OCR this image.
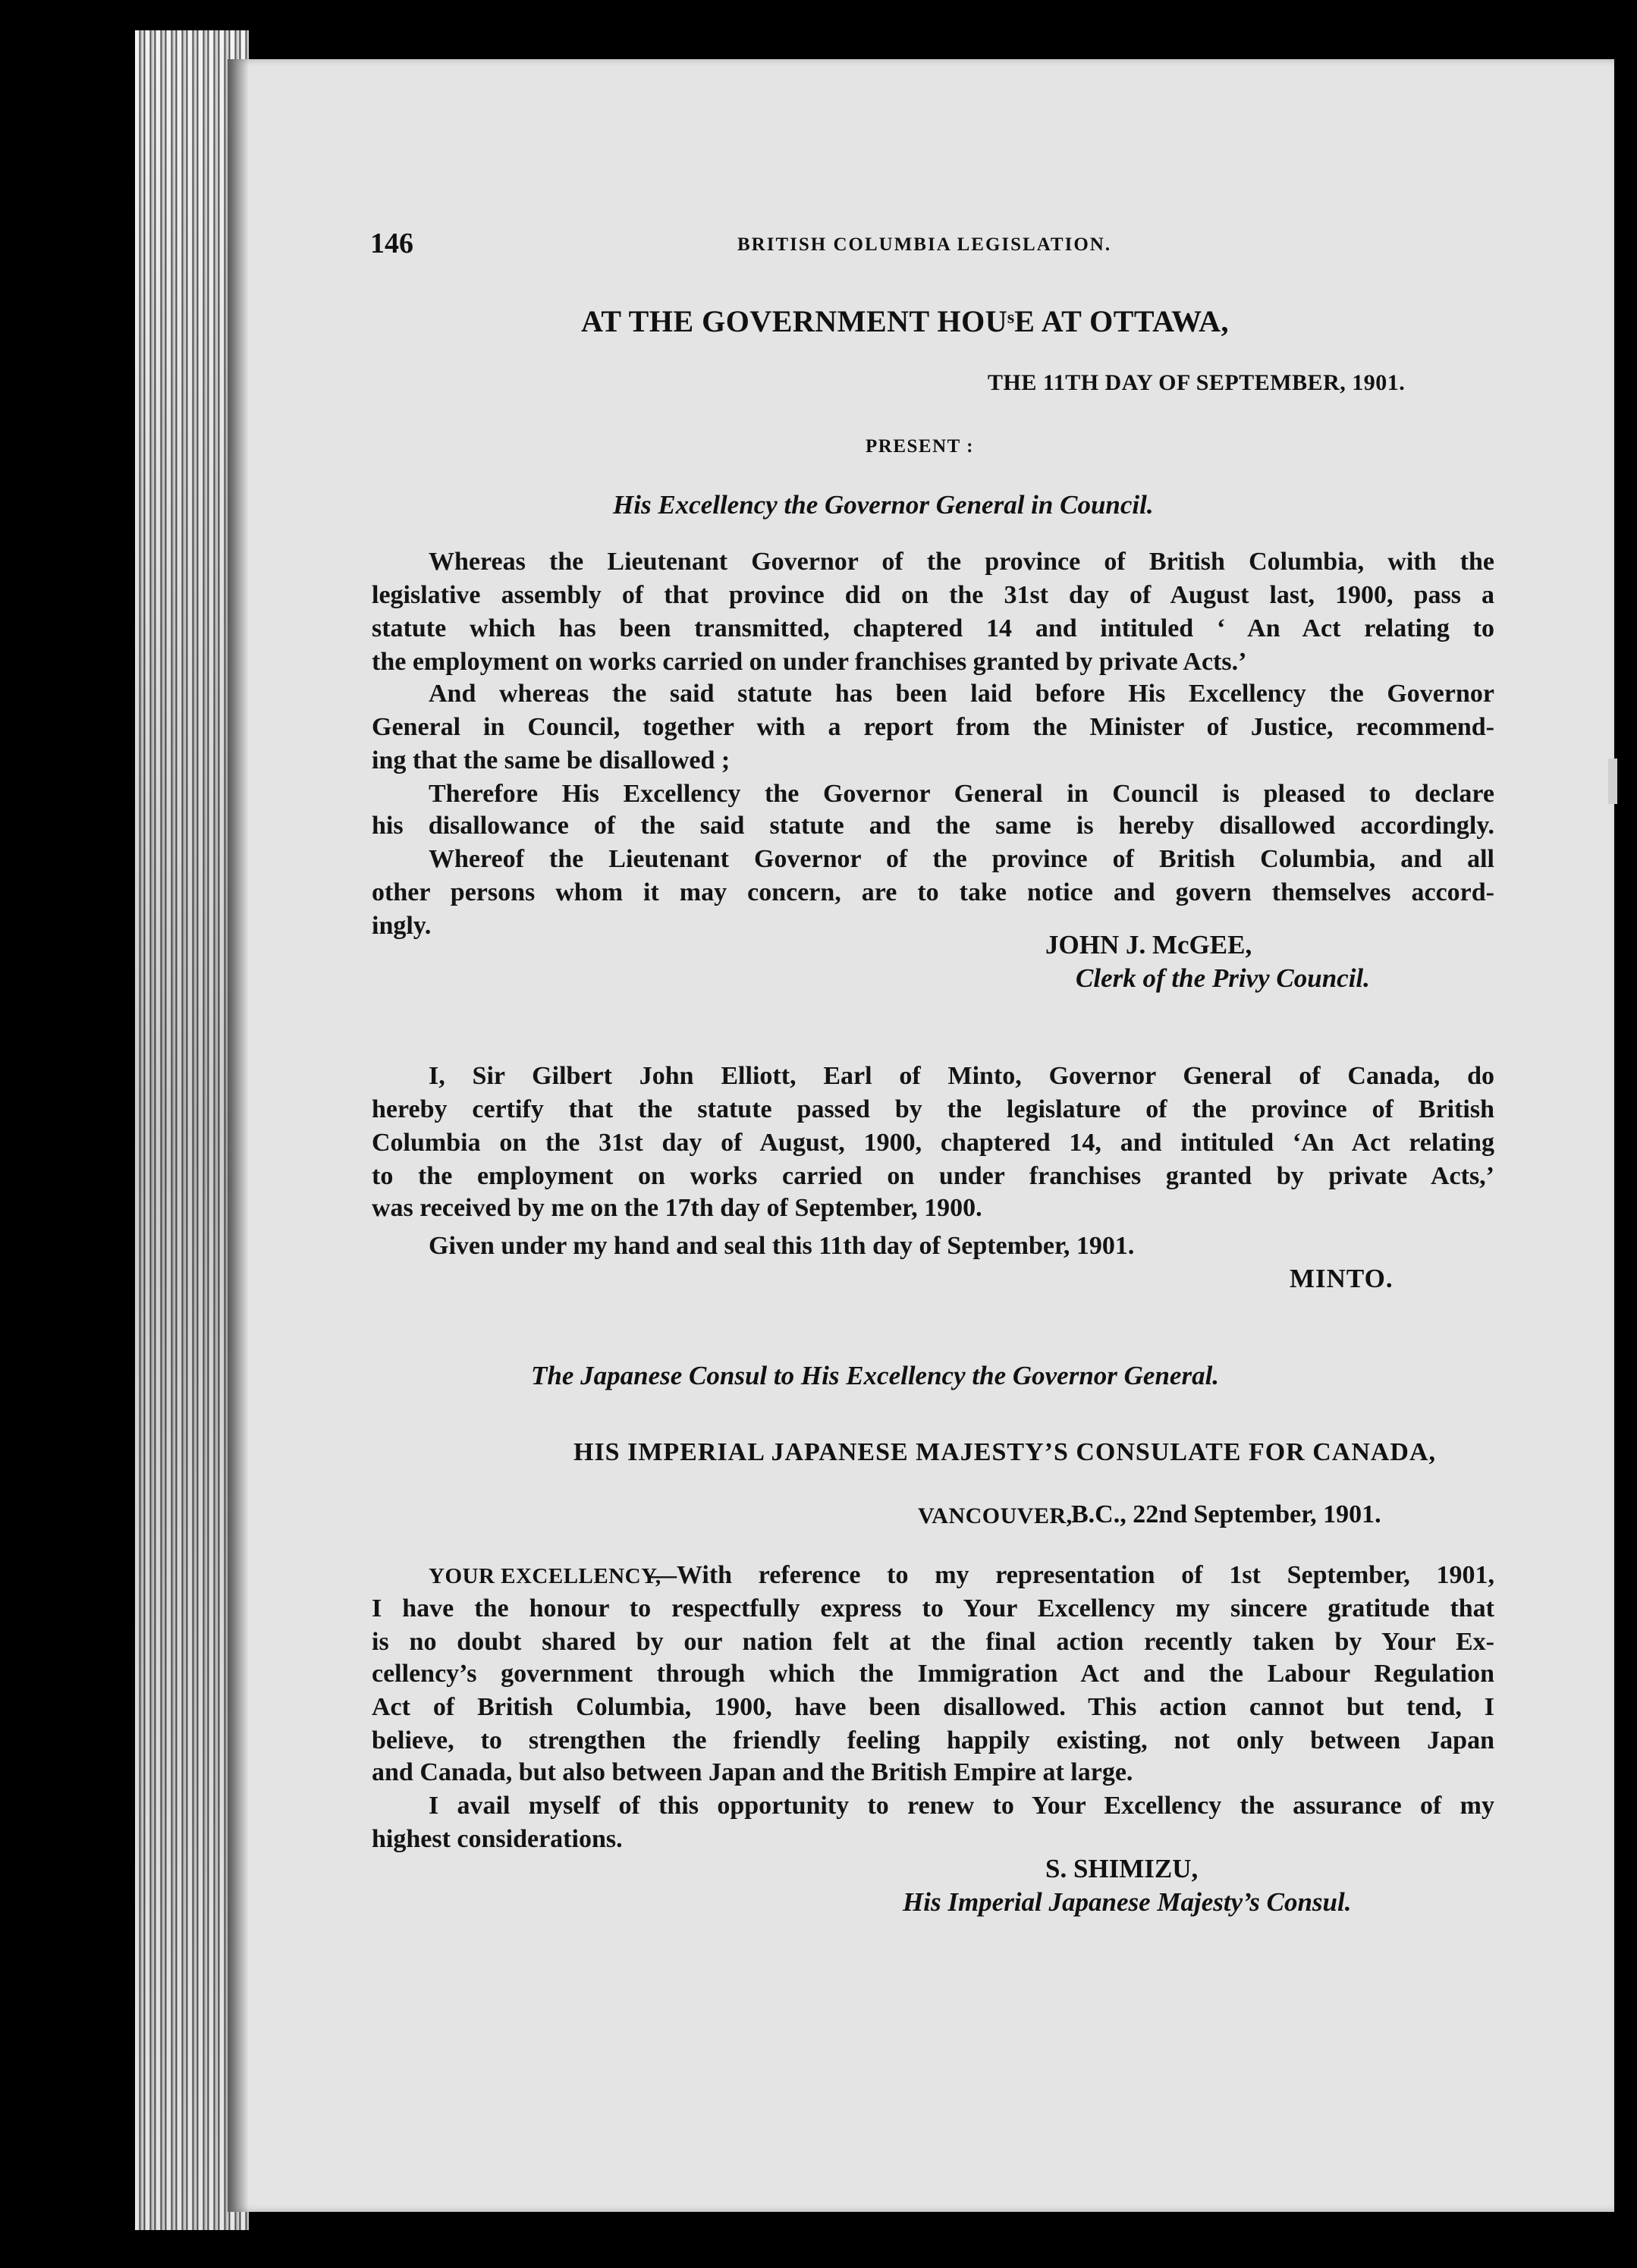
146	BRITISH COLUMBIA LEGISLATION.
AT THE GOVERNMENT HOUˢE AT OTTAWA,
THE 11TH DAY OF SEPTEMBER, 1901.
PRESENT :
His Excellency the Governor General in Council.
Whereas the Lieutenant Governor of the province of British Columbia, with the
legislative assembly of that province did on the 31st day of August last, 1900, pass a
statute which has been transmitted, chaptered 14 and intituled ‘ An Act relating to
the employment on works carried on under franchises granted by private Acts.’
And whereas the said statute has been laid before His Excellency the Governor
General in Council, together with a report from the Minister of Justice, recommend-
ing that the same be disallowed ;
Therefore His Excellency the Governor General in Council is pleased to declare
his disallowance of the said statute and the same is hereby disallowed accordingly.
Whereof the Lieutenant Governor of the province of British Columbia, and all
other persons whom it may concern, are to take notice and govern themselves accord-
ingly.
JOHN J. McGEE,
Clerk of the Privy Council.
I, Sir Gilbert John Elliott, Earl of Minto, Governor General of Canada, do
hereby certify that the statute passed by the legislature of the province of British
Columbia on the 31st day of August, 1900, chaptered 14, and intituled ‘An Act relating
to the employment on works carried on under franchises granted by private Acts,’
was received by me on the 17th day of September, 1900.
Given under my hand and seal this 11th day of September, 1901.
MINTO.
The Japanese Consul to His Excellency the Governor General.
HIS IMPERIAL JAPANESE MAJESTY’S CONSULATE FOR CANADA,
VANCOUVER,
B.C., 22nd September, 1901.
YOUR EXCELLENCY,
—With reference to my representation of 1st September, 1901,
I have the honour to respectfully express to Your Excellency my sincere gratitude that
is no doubt shared by our nation felt at the final action recently taken by Your Ex-
cellency’s government through which the Immigration Act and the Labour Regulation
Act of British Columbia, 1900, have been disallowed. This action cannot but tend, I
believe, to strengthen the friendly feeling happily existing, not only between Japan
and Canada, but also between Japan and the British Empire at large.
I avail myself of this opportunity to renew to Your Excellency the assurance of my
highest considerations.
S. SHIMIZU,
His Imperial Japanese Majesty’s Consul.
